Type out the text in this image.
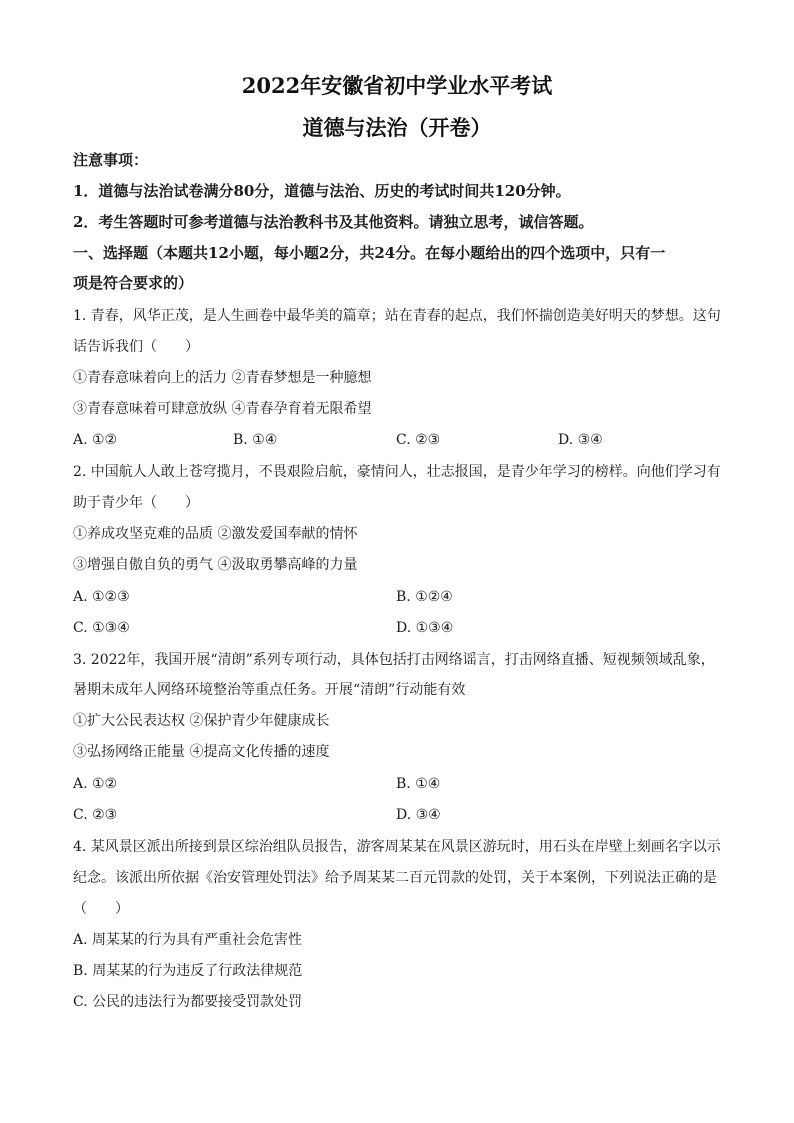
2022年安徽省初中学业水平考试
道德与法治（开卷）
注意事项：
1．道德与法治试卷满分80分，道德与法治、历史的考试时间共120分钟。
2．考生答题时可参考道德与法治教科书及其他资料。请独立思考，诚信答题。
一、选择题（本题共12小题，每小题2分，共24分。在每小题给出的四个选项中，只有一
项是符合要求的）
1. 青春，风华正茂，是人生画卷中最华美的篇章；站在青春的起点，我们怀揣创造美好明天的梦想。这句
话告诉我们（　　）
①青春意味着向上的活力 ②青春梦想是一种臆想
③青春意味着可肆意放纵 ④青春孕育着无限希望
A. ①②	B. ①④	C. ②③	D. ③④
2. 中国航人人敢上苍穹揽月，不畏艰险启航，豪情问人，壮志报国，是青少年学习的榜样。向他们学习有
助于青少年（　　）
①养成攻坚克难的品质 ②激发爱国奉献的情怀
③增强自傲自负的勇气 ④汲取勇攀高峰的力量
A. ①②③	B. ①②④
C. ①③④	D. ①③④
3. 2022年，我国开展“清朗”系列专项行动，具体包括打击网络谣言，打击网络直播、短视频领域乱象，
暑期未成年人网络环境整治等重点任务。开展“清朗”行动能有效
①扩大公民表达权 ②保护青少年健康成长
③弘扬网络正能量 ④提高文化传播的速度
A. ①②	B. ①④
C. ②③	D. ③④
4. 某风景区派出所接到景区综治组队员报告，游客周某某在风景区游玩时，用石头在岸壁上刻画名字以示
纪念。该派出所依据《治安管理处罚法》给予周某某二百元罚款的处罚，关于本案例，下列说法正确的是
（　　）
A. 周某某的行为具有严重社会危害性
B. 周某某的行为违反了行政法律规范
C. 公民的违法行为都要接受罚款处罚
